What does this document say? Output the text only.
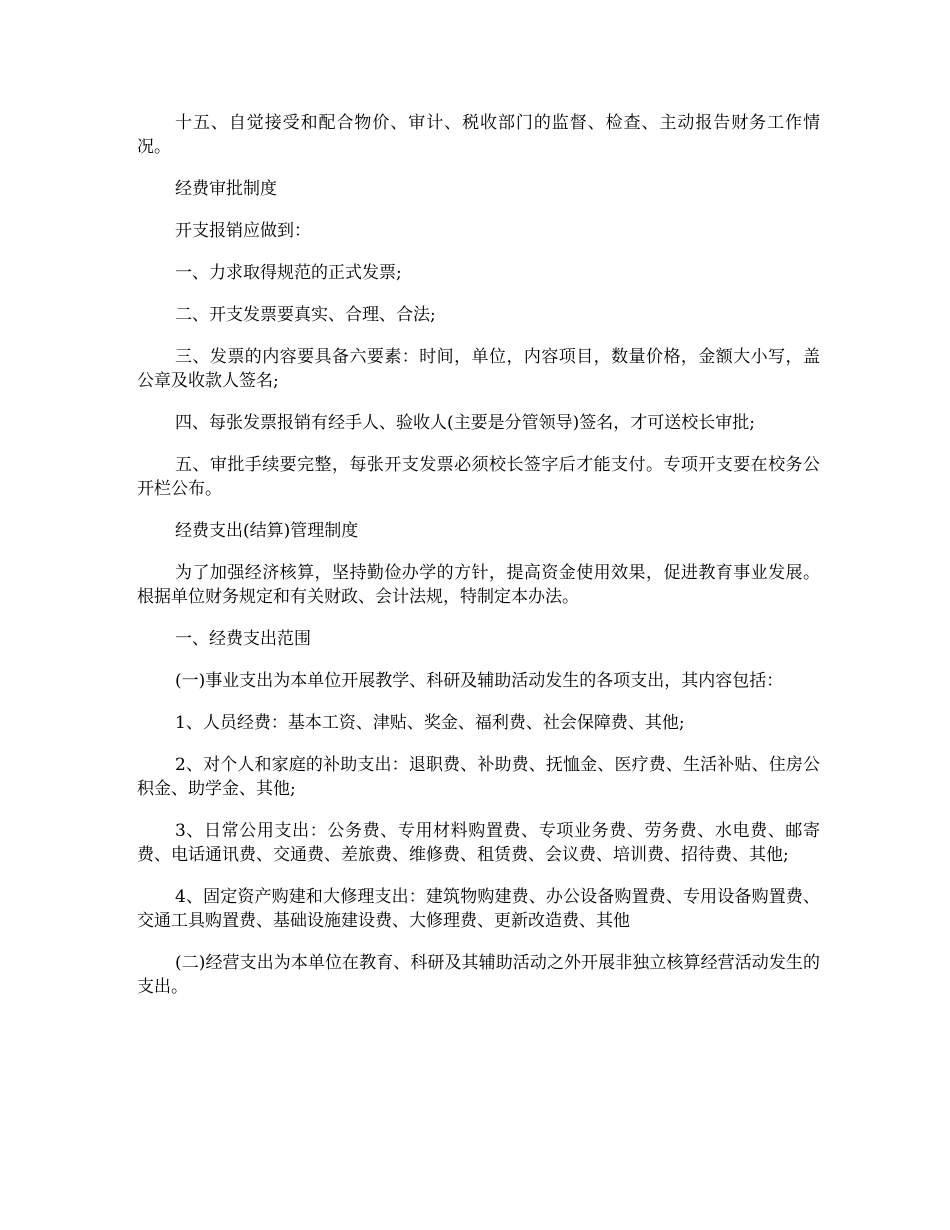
十五、自觉接受和配合物价、审计、税收部门的监督、检查、主动报告财务工作情况。

经费审批制度

开支报销应做到：

一、力求取得规范的正式发票;

二、开支发票要真实、合理、合法;

三、发票的内容要具备六要素：时间，单位，内容项目，数量价格，金额大小写，盖公章及收款人签名;

四、每张发票报销有经手人、验收人(主要是分管领导)签名，才可送校长审批;

五、审批手续要完整，每张开支发票必须校长签字后才能支付。专项开支要在校务公开栏公布。

经费支出(结算)管理制度

为了加强经济核算，坚持勤俭办学的方针，提高资金使用效果，促进教育事业发展。根据单位财务规定和有关财政、会计法规，特制定本办法。

一、经费支出范围

(一)事业支出为本单位开展教学、科研及辅助活动发生的各项支出，其内容包括：

1、人员经费：基本工资、津贴、奖金、福利费、社会保障费、其他;

2、对个人和家庭的补助支出：退职费、补助费、抚恤金、医疗费、生活补贴、住房公积金、助学金、其他;

3、日常公用支出：公务费、专用材料购置费、专项业务费、劳务费、水电费、邮寄费、电话通讯费、交通费、差旅费、维修费、租赁费、会议费、培训费、招待费、其他;

4、固定资产购建和大修理支出：建筑物购建费、办公设备购置费、专用设备购置费、交通工具购置费、基础设施建设费、大修理费、更新改造费、其他

(二)经营支出为本单位在教育、科研及其辅助活动之外开展非独立核算经营活动发生的支出。
